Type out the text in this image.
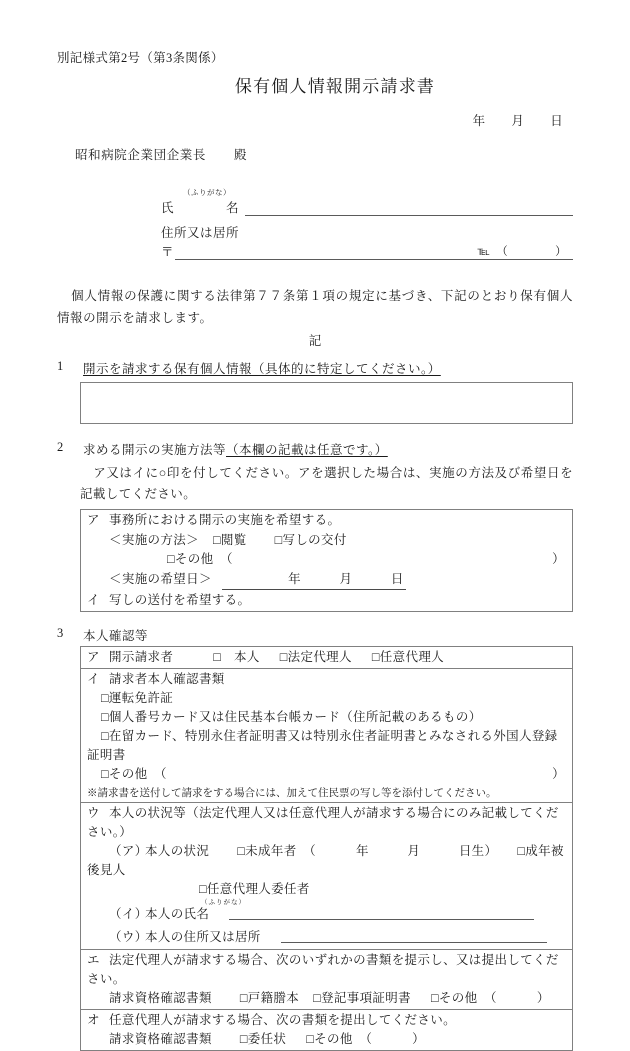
別記様式第2号（第3条関係）
保有個人情報開示請求書
年 月 日
昭和病院企業団企業長 殿
（ふりがな）
氏　　　　名
住所又は居所
〒	℡　（　　　　）
個人情報の保護に関する法律第７７条第１項の規定に基づき、下記のとおり保有個人情報の開示を請求します。
記
1	開示を請求する保有個人情報（具体的に特定してください。）
2	求める開示の実施方法等（本欄の記載は任意です。）
ア又はイに○印を付してください。アを選択した場合は、実施の方法及び希望日を記載してください。
ア 事務所における開示の実施を希望する。
＜実施の方法＞ □閲覧 □写しの交付
□その他　（	）
＜実施の希望日＞　　　　　年　　　月　　　日
イ 写しの送付を希望する。
3	本人確認等
ア 開示請求者	□　本人 □法定代理人 □任意代理人
イ 請求者本人確認書類
□運転免許証
□個人番号カード又は住民基本台帳カード（住所記載のあるもの）
□在留カード、特別永住者証明書又は特別永住者証明書とみなされる外国人登録証明書
□その他　（	）
※請求書を送付して請求をする場合には、加えて住民票の写し等を添付してください。
ウ 本人の状況等（法定代理人又は任意代理人が請求する場合にのみ記載してください。）
（ア）本人の状況 □未成年者　（	年　　　月　　　日生） □成年被後見人
□任意代理人委任者
（イ）本人の氏名
（ふりがな）
（ウ）本人の住所又は居所
エ 法定代理人が請求する場合、次のいずれかの書類を提示し、又は提出してください。
請求資格確認書類 □戸籍謄本 □登記事項証明書 □その他　（	）
オ 任意代理人が請求する場合、次の書類を提出してください。
請求資格確認書類 □委任状 □その他　（	）
